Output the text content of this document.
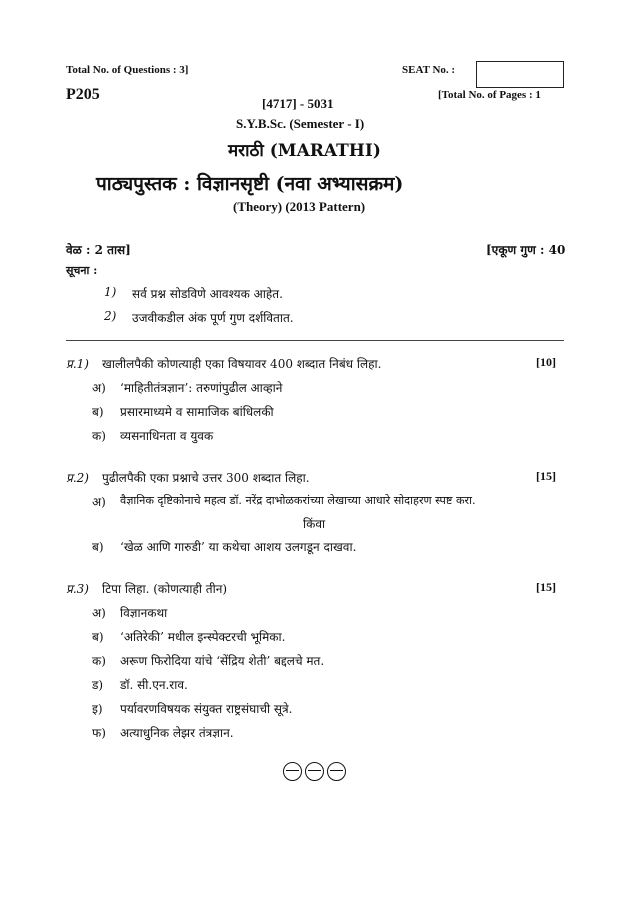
Total No. of Questions : 3]	SEAT No. :
P205
[4717] - 5031
[Total No. of Pages : 1
S.Y.B.Sc. (Semester - I)
मराठी (MARATHI)
पाठ्यपुस्तक : विज्ञानसृष्टी (नवा अभ्यासक्रम)
(Theory) (2013 Pattern)
वेळ : 2 तास]	[एकूण गुण : 40
सूचना :
1) सर्व प्रश्न सोडविणे आवश्यक आहेत.
2) उजवीकडील अंक पूर्ण गुण दर्शवितात.
प्र.1) खालीलपैकी कोणत्याही एका विषयावर 400 शब्दात निबंध लिहा.	[10]
अ) ‘माहितीतंत्रज्ञान’: तरुणांपुढील आव्हाने
ब) प्रसारमाध्यमे व सामाजिक बांधिलकी
क) व्यसनाधिनता व युवक
प्र.2) पुढीलपैकी एका प्रश्नाचे उत्तर 300 शब्दात लिहा.	[15]
अ) वैज्ञानिक दृष्टिकोनाचे महत्व डॉ. नरेंद्र दाभोळकरांच्या लेखाच्या आधारे सोदाहरण स्पष्ट करा.
किंवा
ब) ‘खेळ आणि गारुडी’ या कथेचा आशय उलगडून दाखवा.
प्र.3) टिपा लिहा. (कोणत्याही तीन)	[15]
अ) विज्ञानकथा
ब) ‘अतिरेकी’ मधील इन्स्पेक्टरची भूमिका.
क) अरूण फिरोदिया यांचे ‘सेंद्रिय शेती’ बद्दलचे मत.
ड) डॉ. सी.एन.राव.
इ) पर्यावरणविषयक संयुक्त राष्ट्रसंघाची सूत्रे.
फ) अत्याधुनिक लेझर तंत्रज्ञान.
